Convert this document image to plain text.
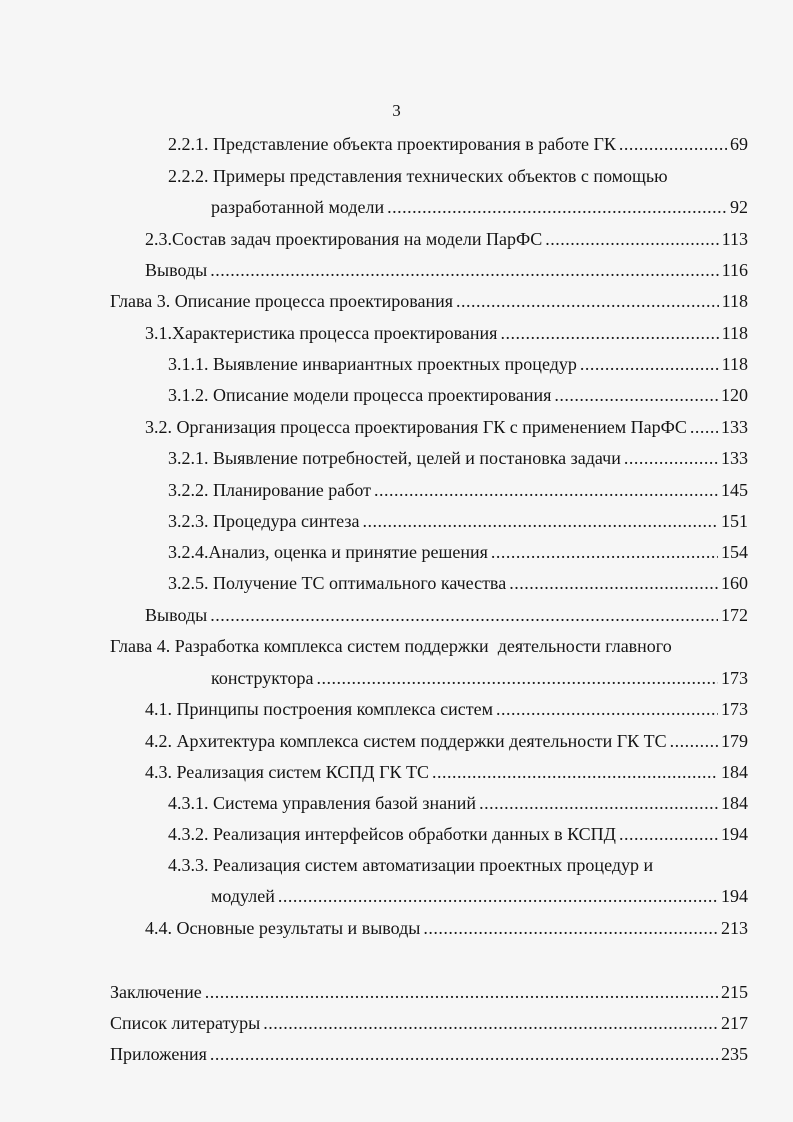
3
2.2.1. Представление объекта проектирования в работе ГК .....	69
2.2.2. Примеры представления технических объектов с помощью
разработанной модели .....	92
2.3.Состав задач проектирования на модели ПарФС .....	113
Выводы .....	116
Глава 3. Описание процесса проектирования .....	118
3.1.Характеристика процесса проектирования .....	118
3.1.1. Выявление инвариантных проектных процедур .....	118
3.1.2. Описание модели процесса проектирования .....	120
3.2. Организация процесса проектирования ГК с применением ПарФС ..... 133
3.2.1. Выявление потребностей, целей и постановка задачи .....	133
3.2.2. Планирование работ .....	145
3.2.3. Процедура синтеза .....	151
3.2.4.Анализ, оценка и принятие решения .....	154
3.2.5. Получение ТС оптимального качества .....	160
Выводы .....	172
Глава 4. Разработка комплекса систем поддержки  деятельности главного
конструктора .....	173
4.1. Принципы построения комплекса систем .....	173
4.2. Архитектура комплекса систем поддержки деятельности ГК ТС .....	179
4.3. Реализация систем КСПД ГК ТС .....	184
4.3.1. Система управления базой знаний .....	184
4.3.2. Реализация интерфейсов обработки данных в КСПД .....	194
4.3.3. Реализация систем автоматизации проектных процедур и
модулей .....	194
4.4. Основные результаты и выводы .....	213
Заключение .....	215
Список литературы .....	217
Приложения .....	235
